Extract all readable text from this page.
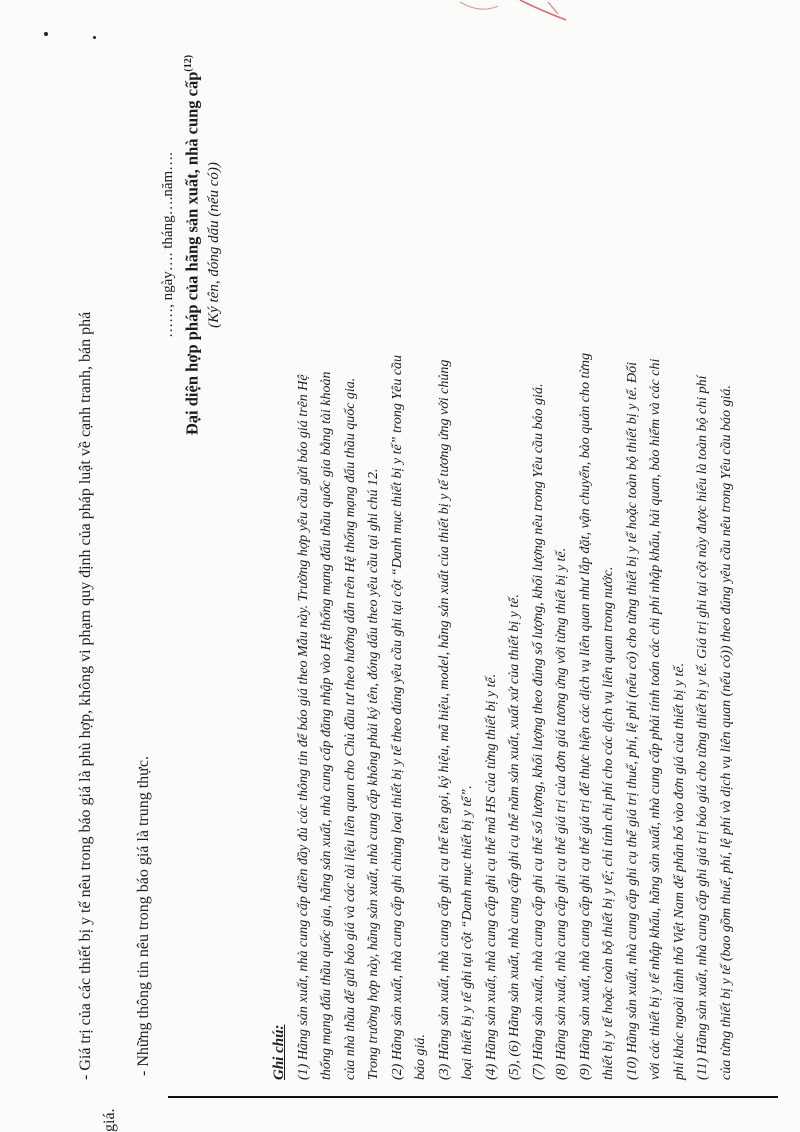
- Giá trị của các thiết bị y tế nêu trong báo giá là phù hợp, không vi phạm quy định của pháp luật về cạnh tranh, bán phá

giá.

- Những thông tin nêu trong báo giá là trung thực.

……, ngày…. tháng….năm…. Đại diện hợp pháp của hãng sản xuất, nhà cung cấp$^{(12)}$

(Ký tên, đóng dấu (nếu có))

Ghi chú: (1) Hãng sản xuất, nhà cung cấp điền đầy đủ các thông tin để báo giá theo Mẫu này. Trường hợp yêu cầu gửi báo giá trên Hệ thống mạng đấu thầu quốc gia, hãng sản xuất, nhà cung cấp đăng nhập vào Hệ thống mạng đấu thầu quốc gia bằng tài khoản của nhà thầu để gửi báo giá và các tài liệu liên quan cho Chủ đầu tư theo hướng dẫn trên Hệ thống mạng đấu thầu quốc gia. Trong trường hợp này, hãng sản xuất, nhà cung cấp không phải ký tên, đóng dấu theo yêu cầu tại ghi chú 12. (2) Hãng sản xuất, nhà cung cấp ghi chủng loại thiết bị y tế theo đúng yêu cầu ghi tại cột “Danh mục thiết bị y tế” trong Yêu cầu báo giá. (3) Hãng sản xuất, nhà cung cấp ghi cụ thể tên gọi, ký hiệu, mã hiệu, model, hãng sản xuất của thiết bị y tế tương ứng với chủng loại thiết bị y tế ghi tại cột “Danh mục thiết bị y tế”. (4) Hãng sản xuất, nhà cung cấp ghi cụ thể mã HS của từng thiết bị y tế. (5), (6) Hãng sản xuất, nhà cung cấp ghi cụ thể năm sản xuất, xuất xứ của thiết bị y tế. (7) Hãng sản xuất, nhà cung cấp ghi cụ thể số lượng, khối lượng theo đúng số lượng, khối lượng nêu trong Yêu cầu báo giá. (8) Hãng sản xuất, nhà cung cấp ghi cụ thể giá trị của đơn giá tương ứng với từng thiết bị y tế. (9) Hãng sản xuất, nhà cung cấp ghi cụ thể giá trị để thực hiện các dịch vụ liên quan như lắp đặt, vận chuyển, bảo quản cho từng thiết bị y tế hoặc toàn bộ thiết bị y tế; chỉ tính chi phí cho các dịch vụ liên quan trong nước. (10) Hãng sản xuất, nhà cung cấp ghi cụ thể giá trị thuế, phí, lệ phí (nếu có) cho từng thiết bị y tế hoặc toàn bộ thiết bị y tế. Đối với các thiết bị y tế nhập khẩu, hãng sản xuất, nhà cung cấp phải tính toán các chi phí nhập khẩu, hải quan, bảo hiểm và các chi phí khác ngoài lãnh thổ Việt Nam để phân bổ vào đơn giá của thiết bị y tế. (11) Hãng sản xuất, nhà cung cấp ghi giá trị báo giá cho từng thiết bị y tế. Giá trị ghi tại cột này được hiểu là toàn bộ chi phí của từng thiết bị y tế (bao gồm thuế, phí, lệ phí và dịch vụ liên quan (nếu có)) theo đúng yêu cầu nêu trong Yêu cầu báo giá.
